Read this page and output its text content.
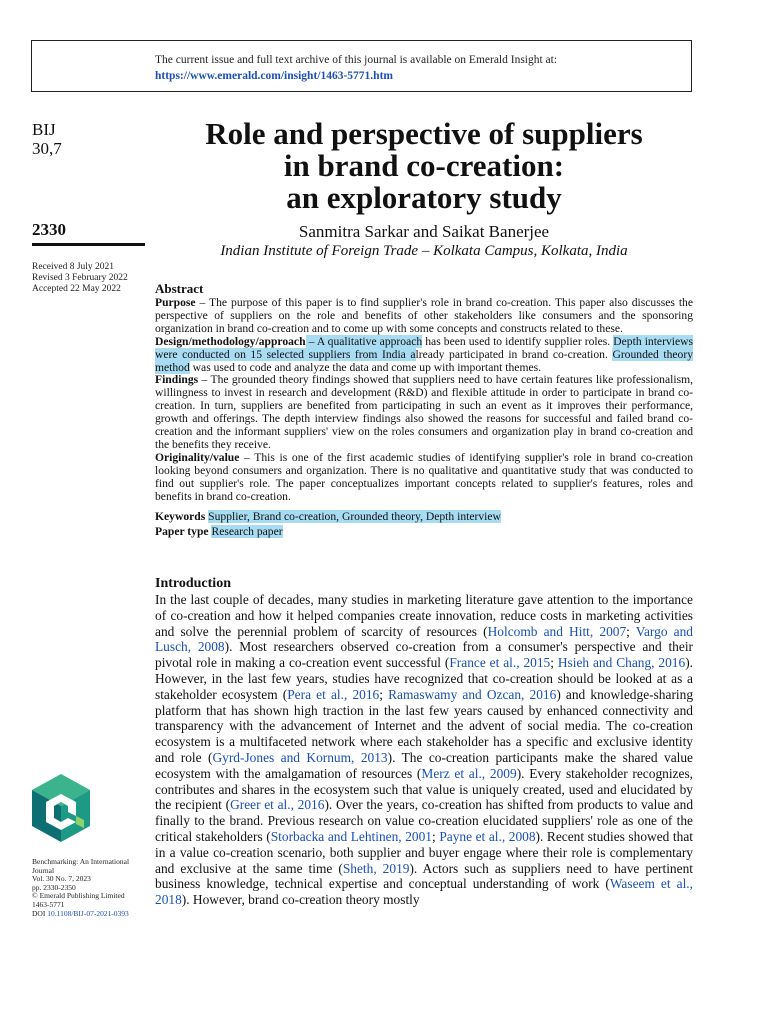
The current issue and full text archive of this journal is available on Emerald Insight at:
https://www.emerald.com/insight/1463-5771.htm
BIJ
30,7
2330
Received 8 July 2021
Revised 3 February 2022
Accepted 22 May 2022
Role and perspective of suppliers
in brand co-creation:
an exploratory study
Sanmitra Sarkar and Saikat Banerjee
Indian Institute of Foreign Trade – Kolkata Campus, Kolkata, India
Abstract

Purpose – The purpose of this paper is to find supplier's role in brand co-creation. This paper also discusses the perspective of suppliers on the role and benefits of other stakeholders like consumers and the sponsoring organization in brand co-creation and to come up with some concepts and constructs related to these.

Design/methodology/approach – A qualitative approach has been used to identify supplier roles. Depth interviews were conducted on 15 selected suppliers from India already participated in brand co-creation. Grounded theory method was used to code and analyze the data and come up with important themes.

Findings – The grounded theory findings showed that suppliers need to have certain features like professionalism, willingness to invest in research and development (R&D) and flexible attitude in order to participate in brand co-creation. In turn, suppliers are benefited from participating in such an event as it improves their performance, growth and offerings. The depth interview findings also showed the reasons for successful and failed brand co-creation and the informant suppliers' view on the roles consumers and organization play in brand co-creation and the benefits they receive.

Originality/value – This is one of the first academic studies of identifying supplier's role in brand co-creation looking beyond consumers and organization. There is no qualitative and quantitative study that was conducted to find out supplier's role. The paper conceptualizes important concepts related to supplier's features, roles and benefits in brand co-creation.

Keywords Supplier, Brand co-creation, Grounded theory, Depth interview
Paper type Research paper
Introduction

In the last couple of decades, many studies in marketing literature gave attention to the importance of co-creation and how it helped companies create innovation, reduce costs in marketing activities and solve the perennial problem of scarcity of resources (Holcomb and Hitt, 2007; Vargo and Lusch, 2008). Most researchers observed co-creation from a consumer's perspective and their pivotal role in making a co-creation event successful (France et al., 2015; Hsieh and Chang, 2016). However, in the last few years, studies have recognized that co-creation should be looked at as a stakeholder ecosystem (Pera et al., 2016; Ramaswamy and Ozcan, 2016) and knowledge-sharing platform that has shown high traction in the last few years caused by enhanced connectivity and transparency with the advancement of Internet and the advent of social media. The co-creation ecosystem is a multifaceted network where each stakeholder has a specific and exclusive identity and role (Gyrd-Jones and Kornum, 2013). The co-creation participants make the shared value ecosystem with the amalgamation of resources (Merz et al., 2009). Every stakeholder recognizes, contributes and shares in the ecosystem such that value is uniquely created, used and elucidated by the recipient (Greer et al., 2016). Over the years, co-creation has shifted from products to value and finally to the brand. Previous research on value co-creation elucidated suppliers' role as one of the critical stakeholders (Storbacka and Lehtinen, 2001; Payne et al., 2008). Recent studies showed that in a value co-creation scenario, both supplier and buyer engage where their role is complementary and exclusive at the same time (Sheth, 2019). Actors such as suppliers need to have pertinent business knowledge, technical expertise and conceptual understanding of work (Waseem et al., 2018). However, brand co-creation theory mostly

Benchmarking: An International Journal
Vol. 30 No. 7, 2023
pp. 2330-2350
© Emerald Publishing Limited
1463-5771
DOI 10.1108/BIJ-07-2021-0393
